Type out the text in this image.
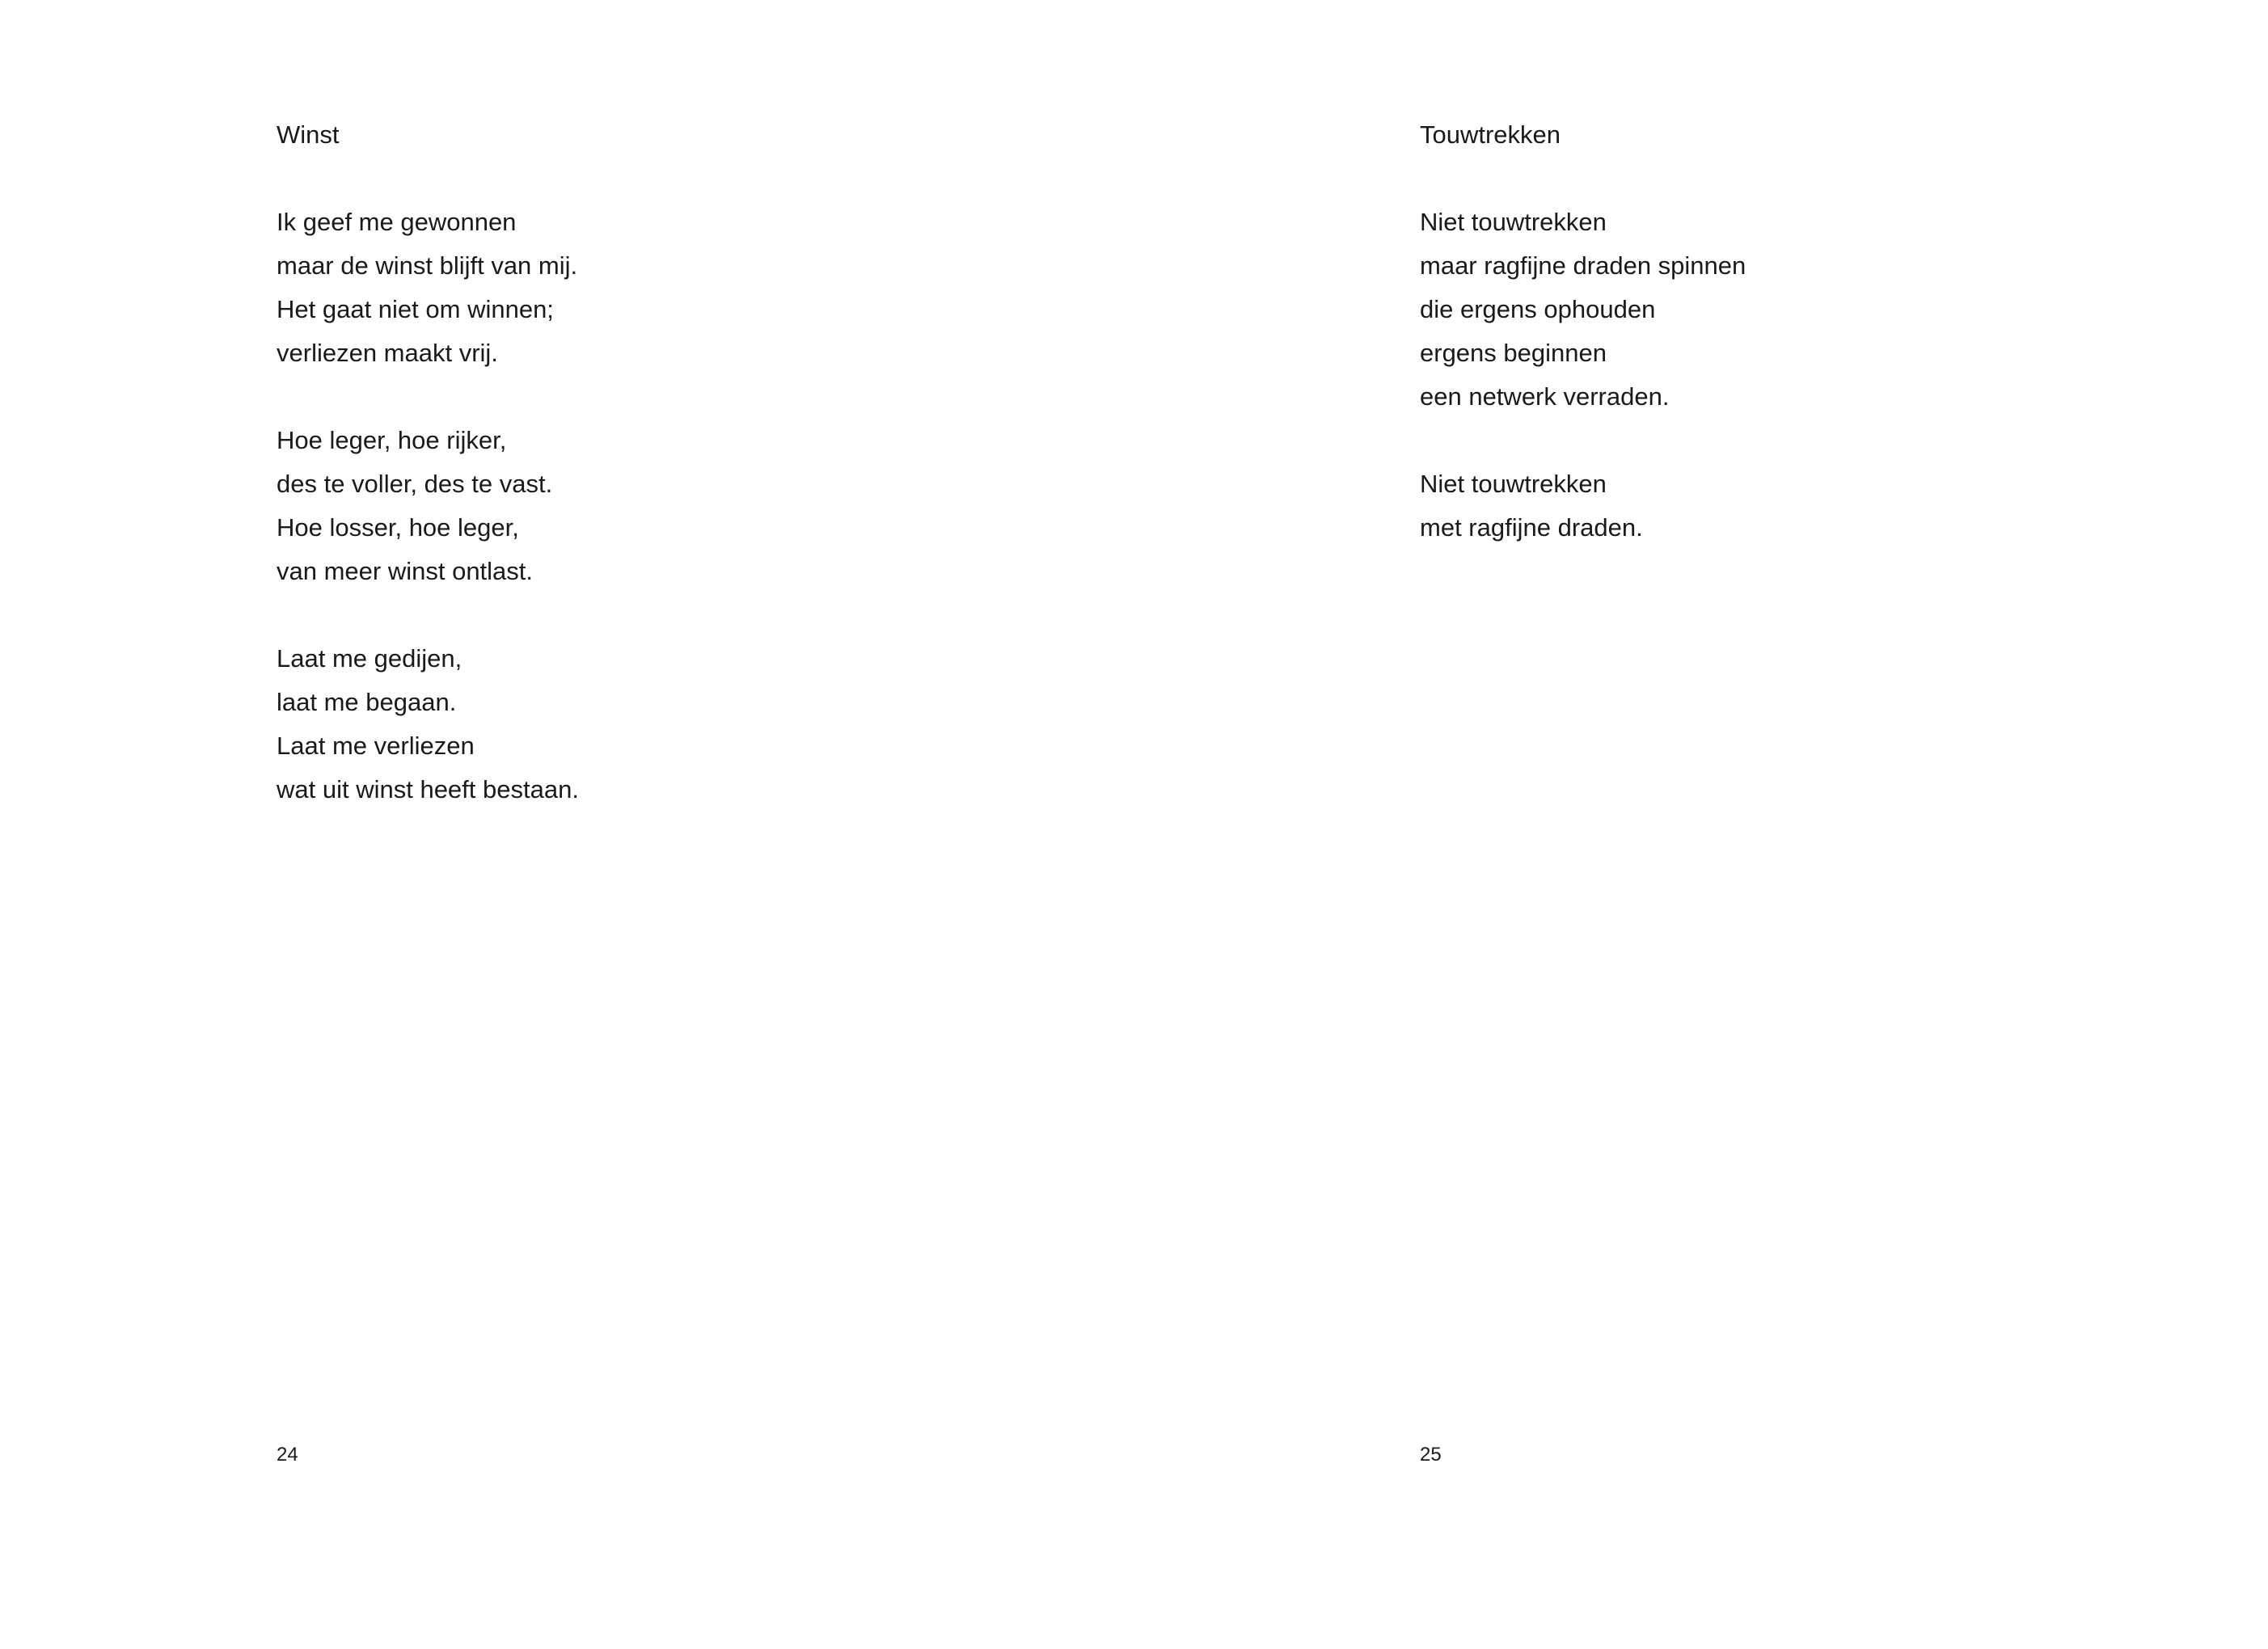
Winst
Ik geef me gewonnen
maar de winst blijft van mij.
Het gaat niet om winnen;
verliezen maakt vrij.
Hoe leger, hoe rijker,
des te voller, des te vast.
Hoe losser, hoe leger,
van meer winst ontlast.
Laat me gedijen,
laat me begaan.
Laat me verliezen
wat uit winst heeft bestaan.
24
Touwtrekken
Niet touwtrekken
maar ragfijne draden spinnen
die ergens ophouden
ergens beginnen
een netwerk verraden.
Niet touwtrekken
met ragfijne draden.
25
